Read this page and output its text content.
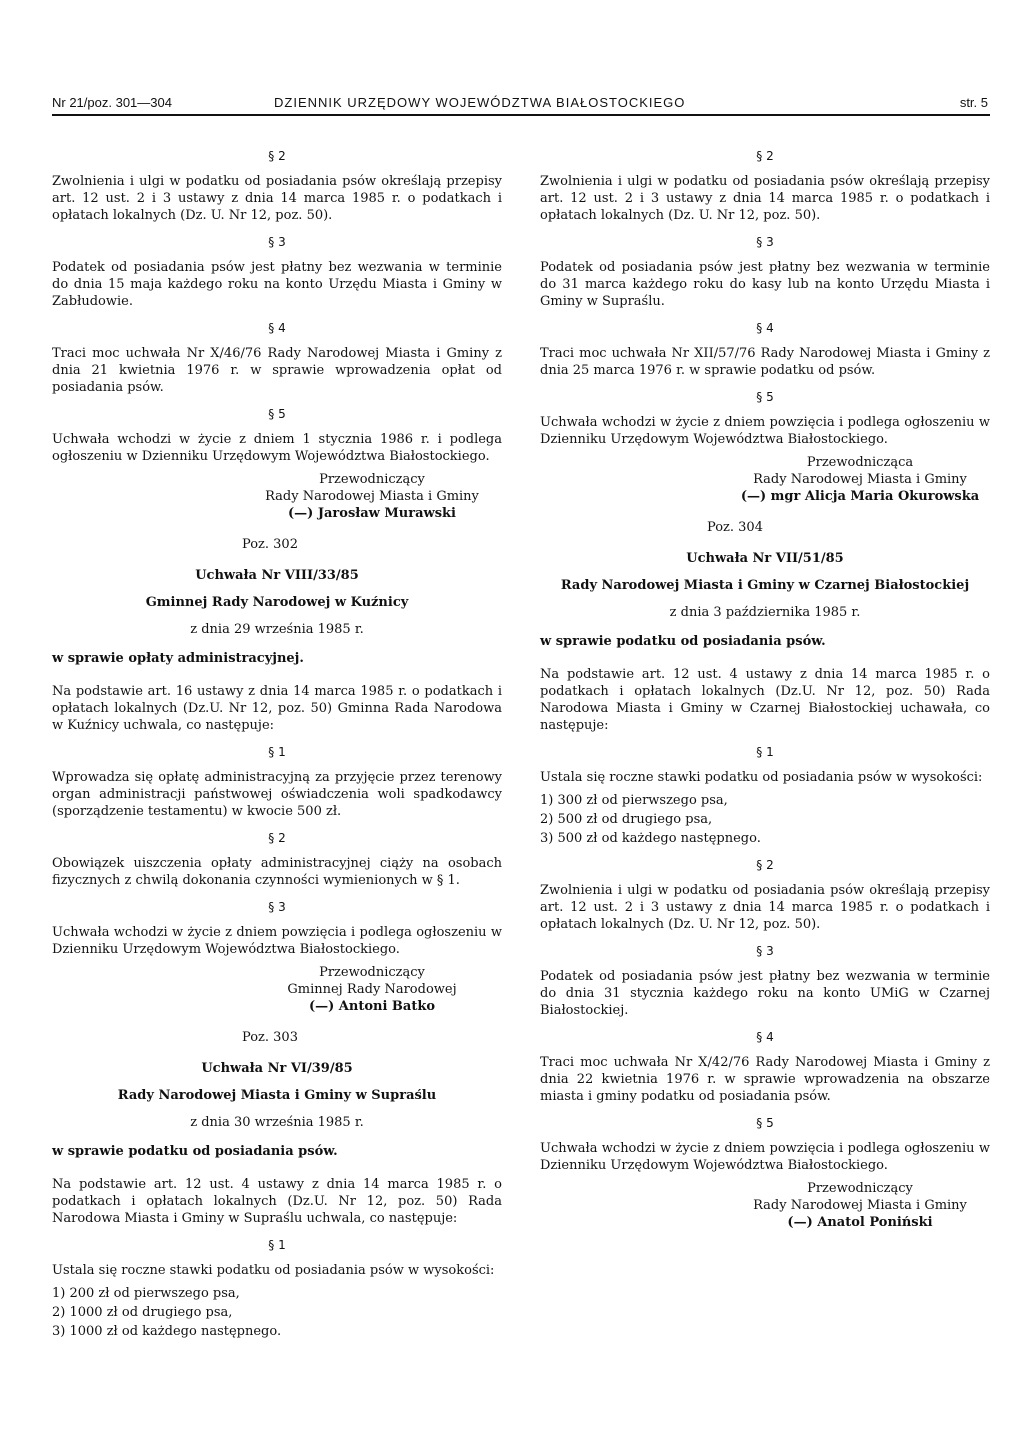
Nr 21/poz. 301—304	DZIENNIK URZĘDOWY WOJEWÓDZTWA BIAŁOSTOCKIEGO	str. 5
§ 2

Zwolnienia i ulgi w podatku od posiadania psów określają przepisy art. 12 ust. 2 i 3 ustawy z dnia 14 marca 1985 r. o podatkach i opłatach lokalnych (Dz. U. Nr 12, poz. 50).

§ 3

Podatek od posiadania psów jest płatny bez wezwania w terminie do dnia 15 maja każdego roku na konto Urzędu Miasta i Gminy w Zabłudowie.

§ 4

Traci moc uchwała Nr X/46/76 Rady Narodowej Miasta i Gminy z dnia 21 kwietnia 1976 r. w sprawie wprowadzenia opłat od posiadania psów.

§ 5

Uchwała wchodzi w życie z dniem 1 stycznia 1986 r. i podlega ogłoszeniu w Dzienniku Urzędowym Województwa Białostockiego.

Przewodniczący
Rady Narodowej Miasta i Gminy
(—) Jarosław Murawski
Poz. 302
Uchwała Nr VIII/33/85
Gminnej Rady Narodowej w Kuźnicy
z dnia 29 września 1985 r.
w sprawie opłaty administracyjnej.

Na podstawie art. 16 ustawy z dnia 14 marca 1985 r. o podatkach i opłatach lokalnych (Dz.U. Nr 12, poz. 50) Gminna Rada Narodowa w Kuźnicy uchwala, co następuje:

§ 1

Wprowadza się opłatę administracyjną za przyjęcie przez terenowy organ administracji państwowej oświadczenia woli spadkodawcy (sporządzenie testamentu) w kwocie 500 zł.

§ 2

Obowiązek uiszczenia opłaty administracyjnej ciąży na osobach fizycznych z chwilą dokonania czynności wymienionych w § 1.

§ 3

Uchwała wchodzi w życie z dniem powzięcia i podlega ogłoszeniu w Dzienniku Urzędowym Województwa Białostockiego.

Przewodniczący
Gminnej Rady Narodowej
(—) Antoni Batko
Poz. 303
Uchwała Nr VI/39/85
Rady Narodowej Miasta i Gminy w Supraślu
z dnia 30 września 1985 r.
w sprawie podatku od posiadania psów.

Na podstawie art. 12 ust. 4 ustawy z dnia 14 marca 1985 r. o podatkach i opłatach lokalnych (Dz.U. Nr 12, poz. 50) Rada Narodowa Miasta i Gminy w Supraślu uchwala, co następuje:

§ 1

Ustala się roczne stawki podatku od posiadania psów w wysokości:

1) 200 zł od pierwszego psa,

2) 1000 zł od drugiego psa,

3) 1000 zł od każdego następnego.

§ 2

Zwolnienia i ulgi w podatku od posiadania psów określają przepisy art. 12 ust. 2 i 3 ustawy z dnia 14 marca 1985 r. o podatkach i opłatach lokalnych (Dz. U. Nr 12, poz. 50).

§ 3

Podatek od posiadania psów jest płatny bez wezwania w terminie do 31 marca każdego roku do kasy lub na konto Urzędu Miasta i Gminy w Supraślu.

§ 4

Traci moc uchwała Nr XII/57/76 Rady Narodowej Miasta i Gminy z dnia 25 marca 1976 r. w sprawie podatku od psów.

§ 5

Uchwała wchodzi w życie z dniem powzięcia i podlega ogłoszeniu w Dzienniku Urzędowym Województwa Białostockiego.

Przewodnicząca
Rady Narodowej Miasta i Gminy
(—) mgr Alicja Maria Okurowska
Poz. 304
Uchwała Nr VII/51/85
Rady Narodowej Miasta i Gminy w Czarnej Białostockiej
z dnia 3 października 1985 r.
w sprawie podatku od posiadania psów.

Na podstawie art. 12 ust. 4 ustawy z dnia 14 marca 1985 r. o podatkach i opłatach lokalnych (Dz.U. Nr 12, poz. 50) Rada Narodowa Miasta i Gminy w Czarnej Białostockiej uchawała, co następuje:

§ 1

Ustala się roczne stawki podatku od posiadania psów w wysokości:

1) 300 zł od pierwszego psa,

2) 500 zł od drugiego psa,

3) 500 zł od każdego następnego.

§ 2

Zwolnienia i ulgi w podatku od posiadania psów określają przepisy art. 12 ust. 2 i 3 ustawy z dnia 14 marca 1985 r. o podatkach i opłatach lokalnych (Dz. U. Nr 12, poz. 50).

§ 3

Podatek od posiadania psów jest płatny bez wezwania w terminie do dnia 31 stycznia każdego roku na konto UMiG w Czarnej Białostockiej.

§ 4

Traci moc uchwała Nr X/42/76 Rady Narodowej Miasta i Gminy z dnia 22 kwietnia 1976 r. w sprawie wprowadzenia na obszarze miasta i gminy podatku od posiadania psów.

§ 5

Uchwała wchodzi w życie z dniem powzięcia i podlega ogłoszeniu w Dzienniku Urzędowym Województwa Białostockiego.

Przewodniczący
Rady Narodowej Miasta i Gminy
(—) Anatol Poniński
